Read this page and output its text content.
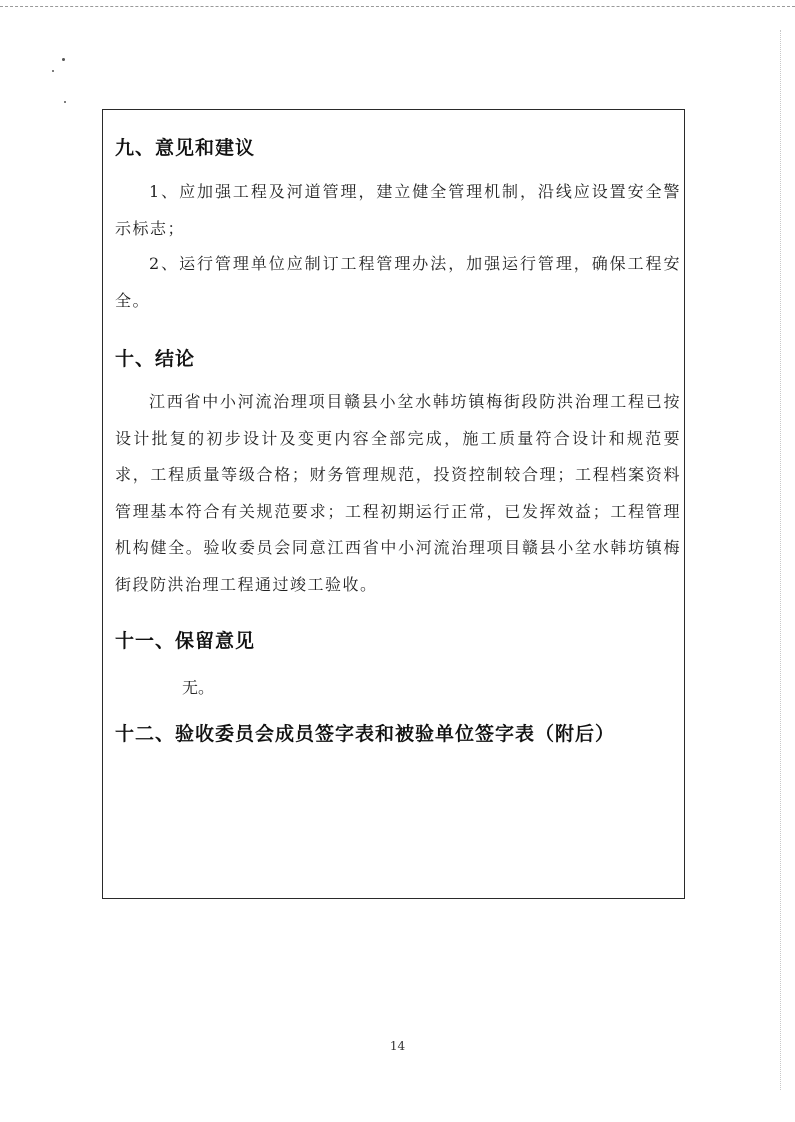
九、意见和建议
1、应加强工程及河道管理，建立健全管理机制，沿线应设置安全警示标志；
2、运行管理单位应制订工程管理办法，加强运行管理，确保工程安全。
十、结论
江西省中小河流治理项目赣县小坌水韩坊镇梅街段防洪治理工程已按设计批复的初步设计及变更内容全部完成，施工质量符合设计和规范要求，工程质量等级合格；财务管理规范，投资控制较合理；工程档案资料管理基本符合有关规范要求；工程初期运行正常，已发挥效益；工程管理机构健全。验收委员会同意江西省中小河流治理项目赣县小坌水韩坊镇梅街段防洪治理工程通过竣工验收。
十一、保留意见
无。
十二、验收委员会成员签字表和被验单位签字表（附后）
14
